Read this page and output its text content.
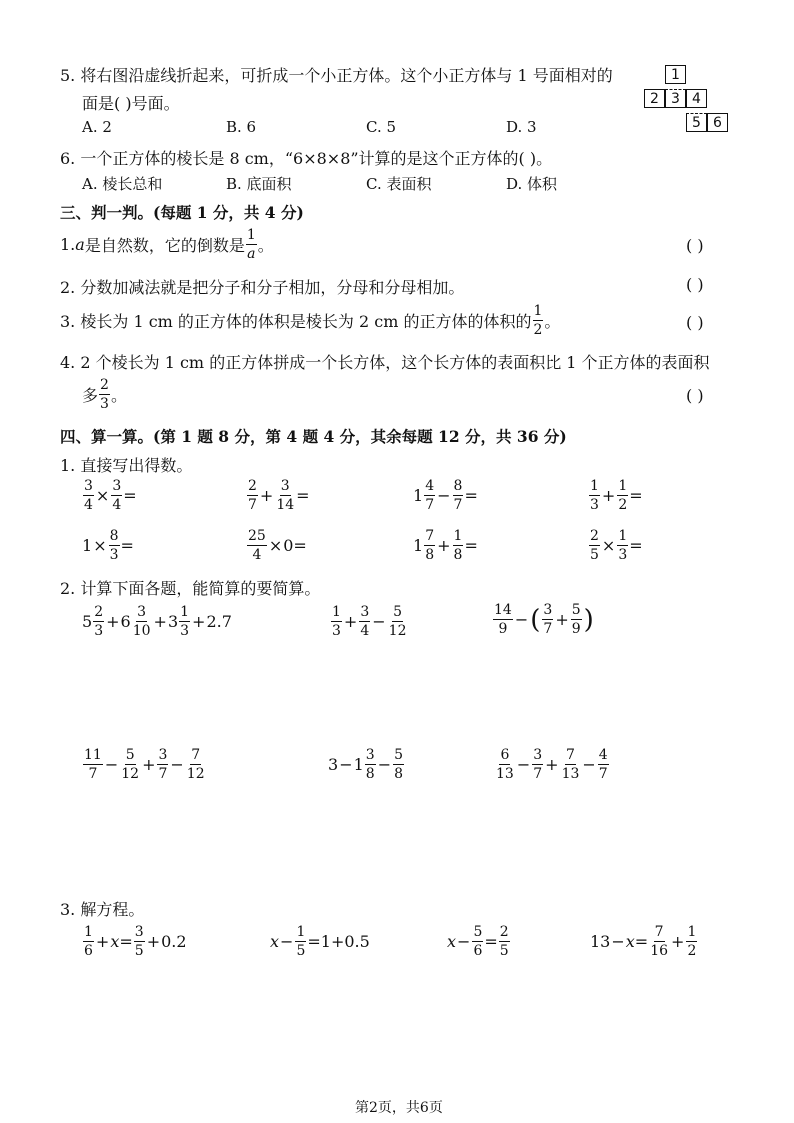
5. 将右图沿虚线折起来，可折成一个小正方体。这个小正方体与 1 号面相对的
面是( )号面。
A. 2	B. 6	C. 5	D. 3
1
2 3 4
5 6
6. 一个正方体的棱长是 8 cm，“6×8×8”计算的是这个正方体的( )。
A. 棱长总和	B. 底面积	C. 表面积	D. 体积
三、判一判。(每题 1 分，共 4 分)
1. a 是自然数，它的倒数是 $\frac{1}{a}$ 。	( )
2. 分数加减法就是把分子和分子相加，分母和分母相加。	( )
3. 棱长为 1 cm 的正方体的体积是棱长为 2 cm 的正方体的体积的 $\frac{1}{2}$ 。	( )
4. 2 个棱长为 1 cm 的正方体拼成一个长方体，这个长方体的表面积比 1 个正方体的表面积
多 $\frac{2}{3}$ 。	( )
四、算一算。(第 1 题 8 分，第 4 题 4 分，其余每题 12 分，共 36 分)
1. 直接写出得数。
$\frac{3}{4} \times \frac{3}{4}$ =	$\frac{2}{7} + \frac{3}{14}$ =	$1 \frac{4}{7} - \frac{8}{7}$ =	$\frac{1}{3} + \frac{1}{2}$ =
$1 \times \frac{8}{3}$ =	$\frac{25}{4} \times 0$ =	$1 \frac{7}{8} + \frac{1}{8}$ =	$\frac{2}{5} \times \frac{1}{3}$ =
2. 计算下面各题，能简算的要简算。
$5 \frac{2}{3} + 6 \frac{3}{10} + 3 \frac{1}{3} + 2.7$	$\frac{1}{3} + \frac{3}{4} - \frac{5}{12}$	$\frac{14}{9}$ − ( $\frac{3}{7} + \frac{5}{9}$ )
$\frac{11}{7} - \frac{5}{12} + \frac{3}{7} - \frac{7}{12}$	$3 - 1 \frac{3}{8} - \frac{5}{8}$	$\frac{6}{13} - \frac{3}{7} + \frac{7}{13} - \frac{4}{7}$
3. 解方程。
$\frac{1}{6} + x = \frac{3}{5} + 0.2$	$x - \frac{1}{5} = 1+0.5$	$x - \frac{5}{6} = \frac{2}{5}$	$13 - x = \frac{7}{16} + \frac{1}{2}$
第2页，共6页
